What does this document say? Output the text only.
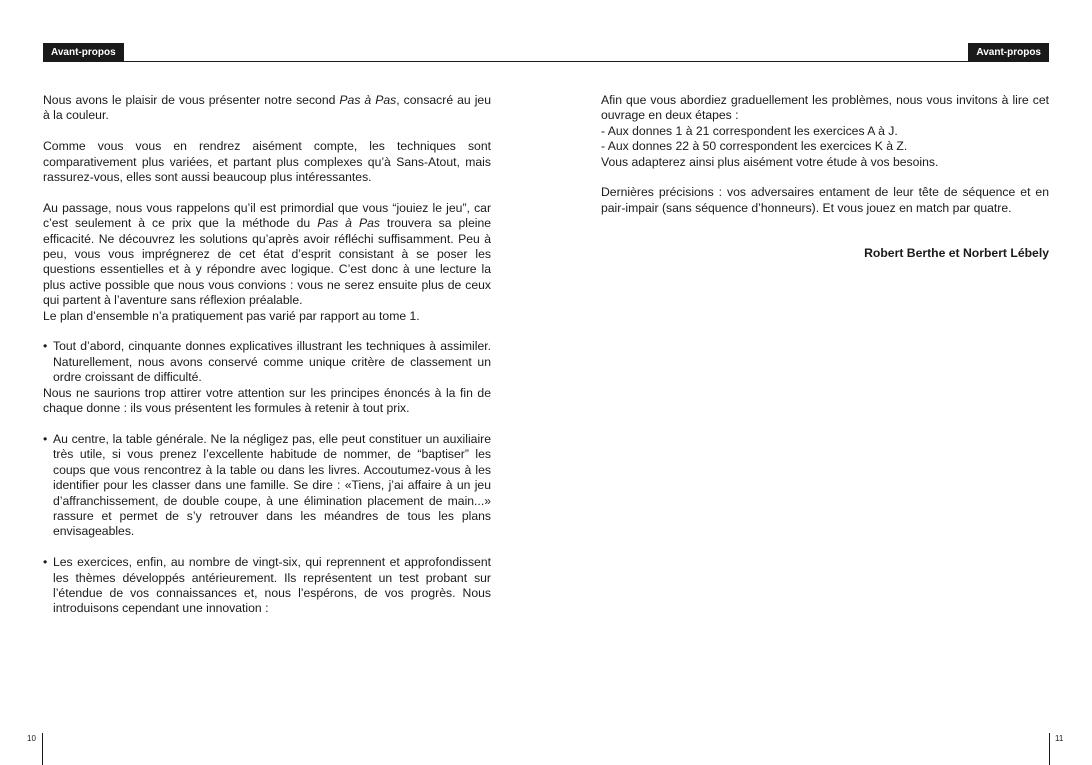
Avant-propos	Avant-propos

Nous avons le plaisir de vous présenter notre second Pas à Pas, consacré au jeu à la couleur.

Comme vous vous en rendrez aisément compte, les techniques sont comparativement plus variées, et partant plus complexes qu’à Sans-Atout, mais rassurez-vous, elles sont aussi beaucoup plus intéressantes.

Au passage, nous vous rappelons qu’il est primordial que vous “jouiez le jeu”, car c’est seulement à ce prix que la méthode du Pas à Pas trouvera sa pleine efficacité. Ne découvrez les solutions qu’après avoir réfléchi suffisamment. Peu à peu, vous vous imprégnerez de cet état d’esprit consistant à se poser les questions essentielles et à y répondre avec logique. C’est donc à une lecture la plus active possible que nous vous convions : vous ne serez ensuite plus de ceux qui partent à l’aventure sans réflexion préalable.

Le plan d’ensemble n’a pratiquement pas varié par rapport au tome 1.

• Tout d’abord, cinquante donnes explicatives illustrant les techniques à assimiler. Naturellement, nous avons conservé comme unique critère de classement un ordre croissant de difficulté.

Nous ne saurions trop attirer votre attention sur les principes énoncés à la fin de chaque donne : ils vous présentent les formules à retenir à tout prix.

• Au centre, la table générale. Ne la négligez pas, elle peut constituer un auxiliaire très utile, si vous prenez l’excellente habitude de nommer, de “baptiser” les coups que vous rencontrez à la table ou dans les livres. Accoutumez-vous à les identifier pour les classer dans une famille. Se dire : «Tiens, j’ai affaire à un jeu d’affranchissement, de double coupe, à une élimination placement de main...» rassure et permet de s’y retrouver dans les méandres de tous les plans envisageables.

• Les exercices, enfin, au nombre de vingt-six, qui reprennent et approfondissent les thèmes développés antérieurement. Ils représentent un test probant sur l’étendue de vos connaissances et, nous l’espérons, de vos progrès. Nous introduisons cependant une innovation :

Afin que vous abordiez graduellement les problèmes, nous vous invitons à lire cet ouvrage en deux étapes :

- Aux donnes 1 à 21 correspondent les exercices A à J.

- Aux donnes 22 à 50 correspondent les exercices K à Z.

Vous adapterez ainsi plus aisément votre étude à vos besoins.

Dernières précisions : vos adversaires entament de leur tête de séquence et en pair-impair (sans séquence d’honneurs). Et vous jouez en match par quatre.

Robert Berthe et Norbert Lébely

10	11
